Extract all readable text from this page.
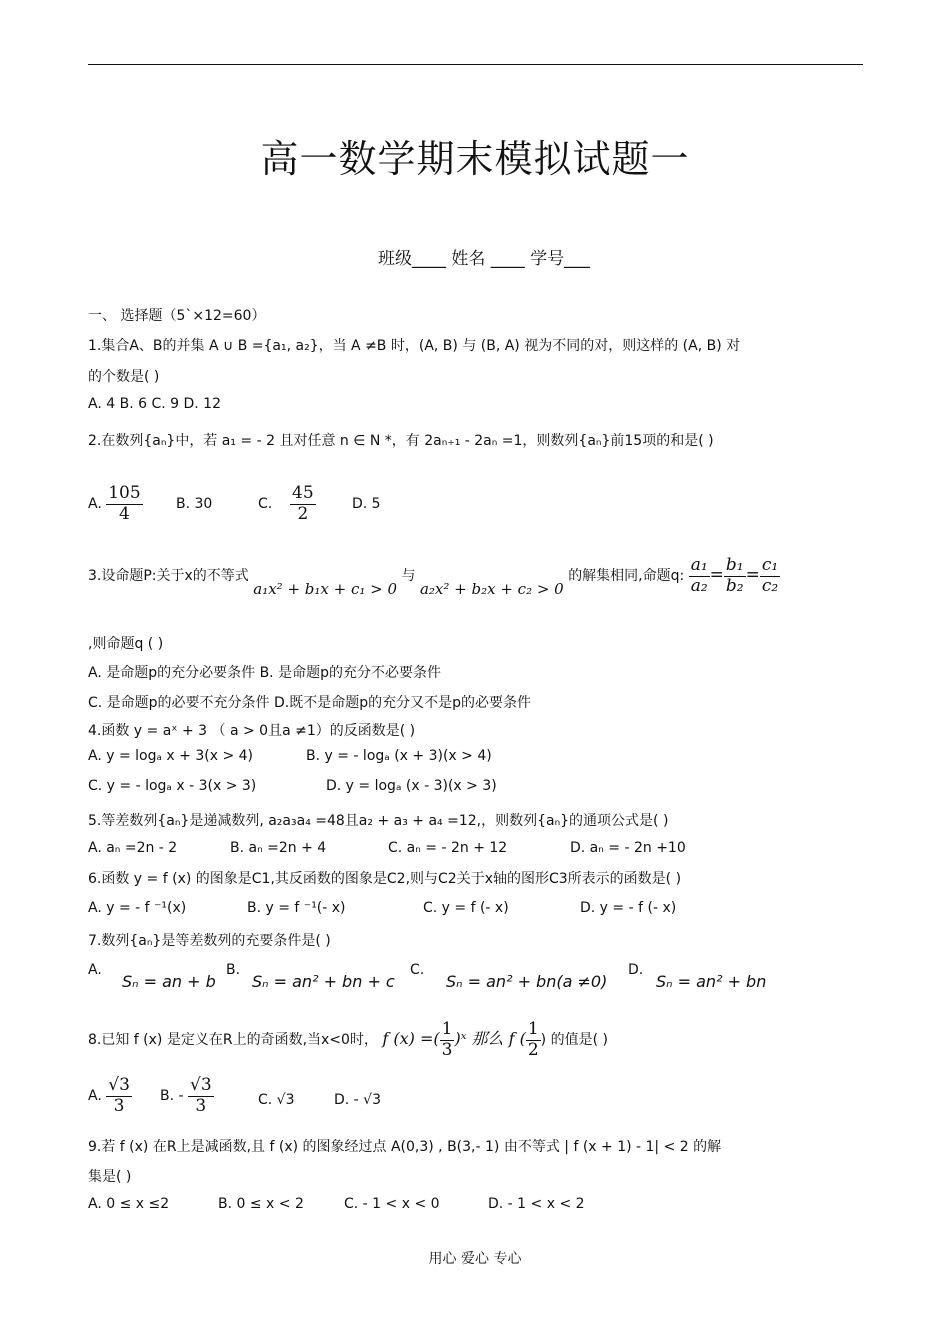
高一数学期末模拟试题一
班级____ 姓名 ____ 学号___
一、 选择题（5`×12=60）
1.集合A、B的并集 A ∪ B ={a₁, a₂}，当 A ≠B 时，(A, B) 与 (B, A) 视为不同的对，则这样的 (A, B) 对
的个数是( )
A. 4 B. 6 C. 9 D. 12
2.在数列{aₙ}中，若 a₁ = - 2 且对任意 n ∈ N *，有 2aₙ₊₁ - 2aₙ =1，则数列{aₙ}前15项的和是( )
A. $\frac{105}{4} B$. 30	C. $\frac{45}{2}$	D. 5
3.设命题P:关于x的不等式 a₁x² + b₁x + c₁ > 0 与 a₂x² + b₂x + c₂ > 0 的解集相同,命题q: $\frac{\text{a₁}}{\text{a₂}} = \frac{\text{b₁}}{\text{b₂}} = \frac{\text{c₁}}{\text{c₂}}$
,则命题q ( )
A. 是命题p的充分必要条件 B. 是命题p的充分不必要条件
C. 是命题p的必要不充分条件 D.既不是命题p的充分又不是p的必要条件
4.函数 y = aˣ + 3 （ a > 0且a ≠1）的反函数是( )
A. y = logₐ x + 3(x > 4)	B. y = - logₐ (x + 3)(x > 4)
C. y = - logₐ x - 3(x > 3)	D. y = logₐ (x - 3)(x > 3)
5.等差数列{aₙ}是递减数列, a₂a₃a₄ =48且a₂ + a₃ + a₄ =12,，则数列{aₙ}的通项公式是( )
A. aₙ =2n - 2	B. aₙ =2n + 4	C. aₙ = - 2n + 12	D. aₙ = - 2n +10
6.函数 y = f (x) 的图象是C1,其反函数的图象是C2,则与C2关于x轴的图形C3所表示的函数是( )
A. y = - f ⁻¹(x)	B. y = f ⁻¹(- x)	C. y = f (- x)	D. y = - f (- x)
7.数列{aₙ}是等差数列的充要条件是( )
A.
Sₙ = an + b
B.
Sₙ = an² + bn + c
C.
Sₙ = an² + bn(a ≠0)
D.
Sₙ = an² + bn
8.已知 f (x) 是定义在R上的奇函数,当x<0时， f (x) =( $\frac{1}{3}$ )ˣ 那么 f ( $\frac{1}{2}$ ) 的值是( )
A. $\frac{√3}{3} B$. - $\frac{√3}{3}$	C. √3	D. - √3
9.若 f (x) 在R上是减函数,且 f (x) 的图象经过点 A(0,3) , B(3,- 1) 由不等式 | f (x + 1) - 1| < 2 的解
集是( )
A. 0 ≤ x ≤2	B. 0 ≤ x < 2	C. - 1 < x < 0	D. - 1 < x < 2
用心 爱心 专心
